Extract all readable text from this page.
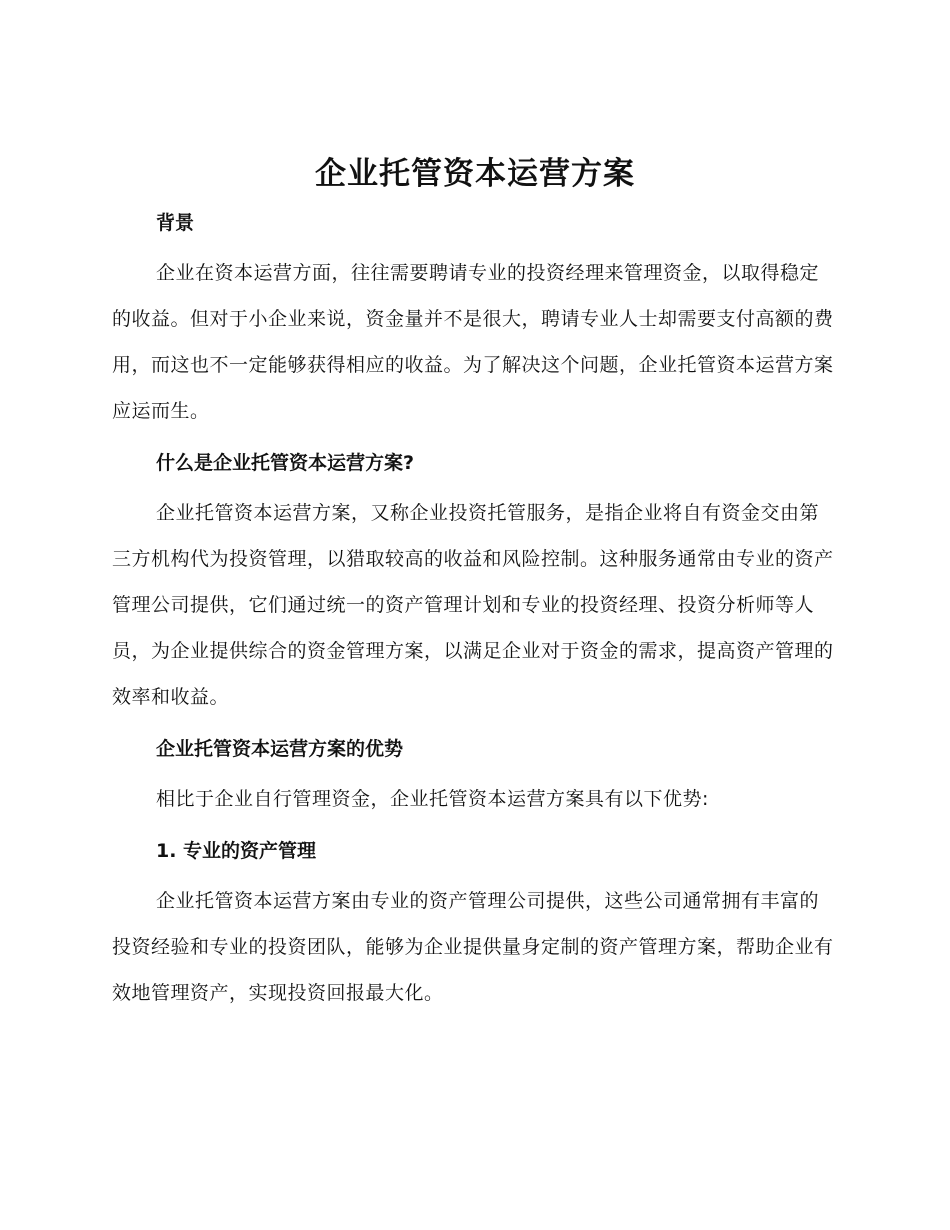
企业托管资本运营方案
背景

企业在资本运营方面，往往需要聘请专业的投资经理来管理资金，以取得稳定的收益。但对于小企业来说，资金量并不是很大，聘请专业人士却需要支付高额的费用，而这也不一定能够获得相应的收益。为了解决这个问题，企业托管资本运营方案应运而生。

什么是企业托管资本运营方案?

企业托管资本运营方案，又称企业投资托管服务，是指企业将自有资金交由第三方机构代为投资管理，以猎取较高的收益和风险控制。这种服务通常由专业的资产管理公司提供，它们通过统一的资产管理计划和专业的投资经理、投资分析师等人员，为企业提供综合的资金管理方案，以满足企业对于资金的需求，提高资产管理的效率和收益。

企业托管资本运营方案的优势

相比于企业自行管理资金，企业托管资本运营方案具有以下优势:

1. 专业的资产管理

企业托管资本运营方案由专业的资产管理公司提供，这些公司通常拥有丰富的投资经验和专业的投资团队，能够为企业提供量身定制的资产管理方案，帮助企业有效地管理资产，实现投资回报最大化。
